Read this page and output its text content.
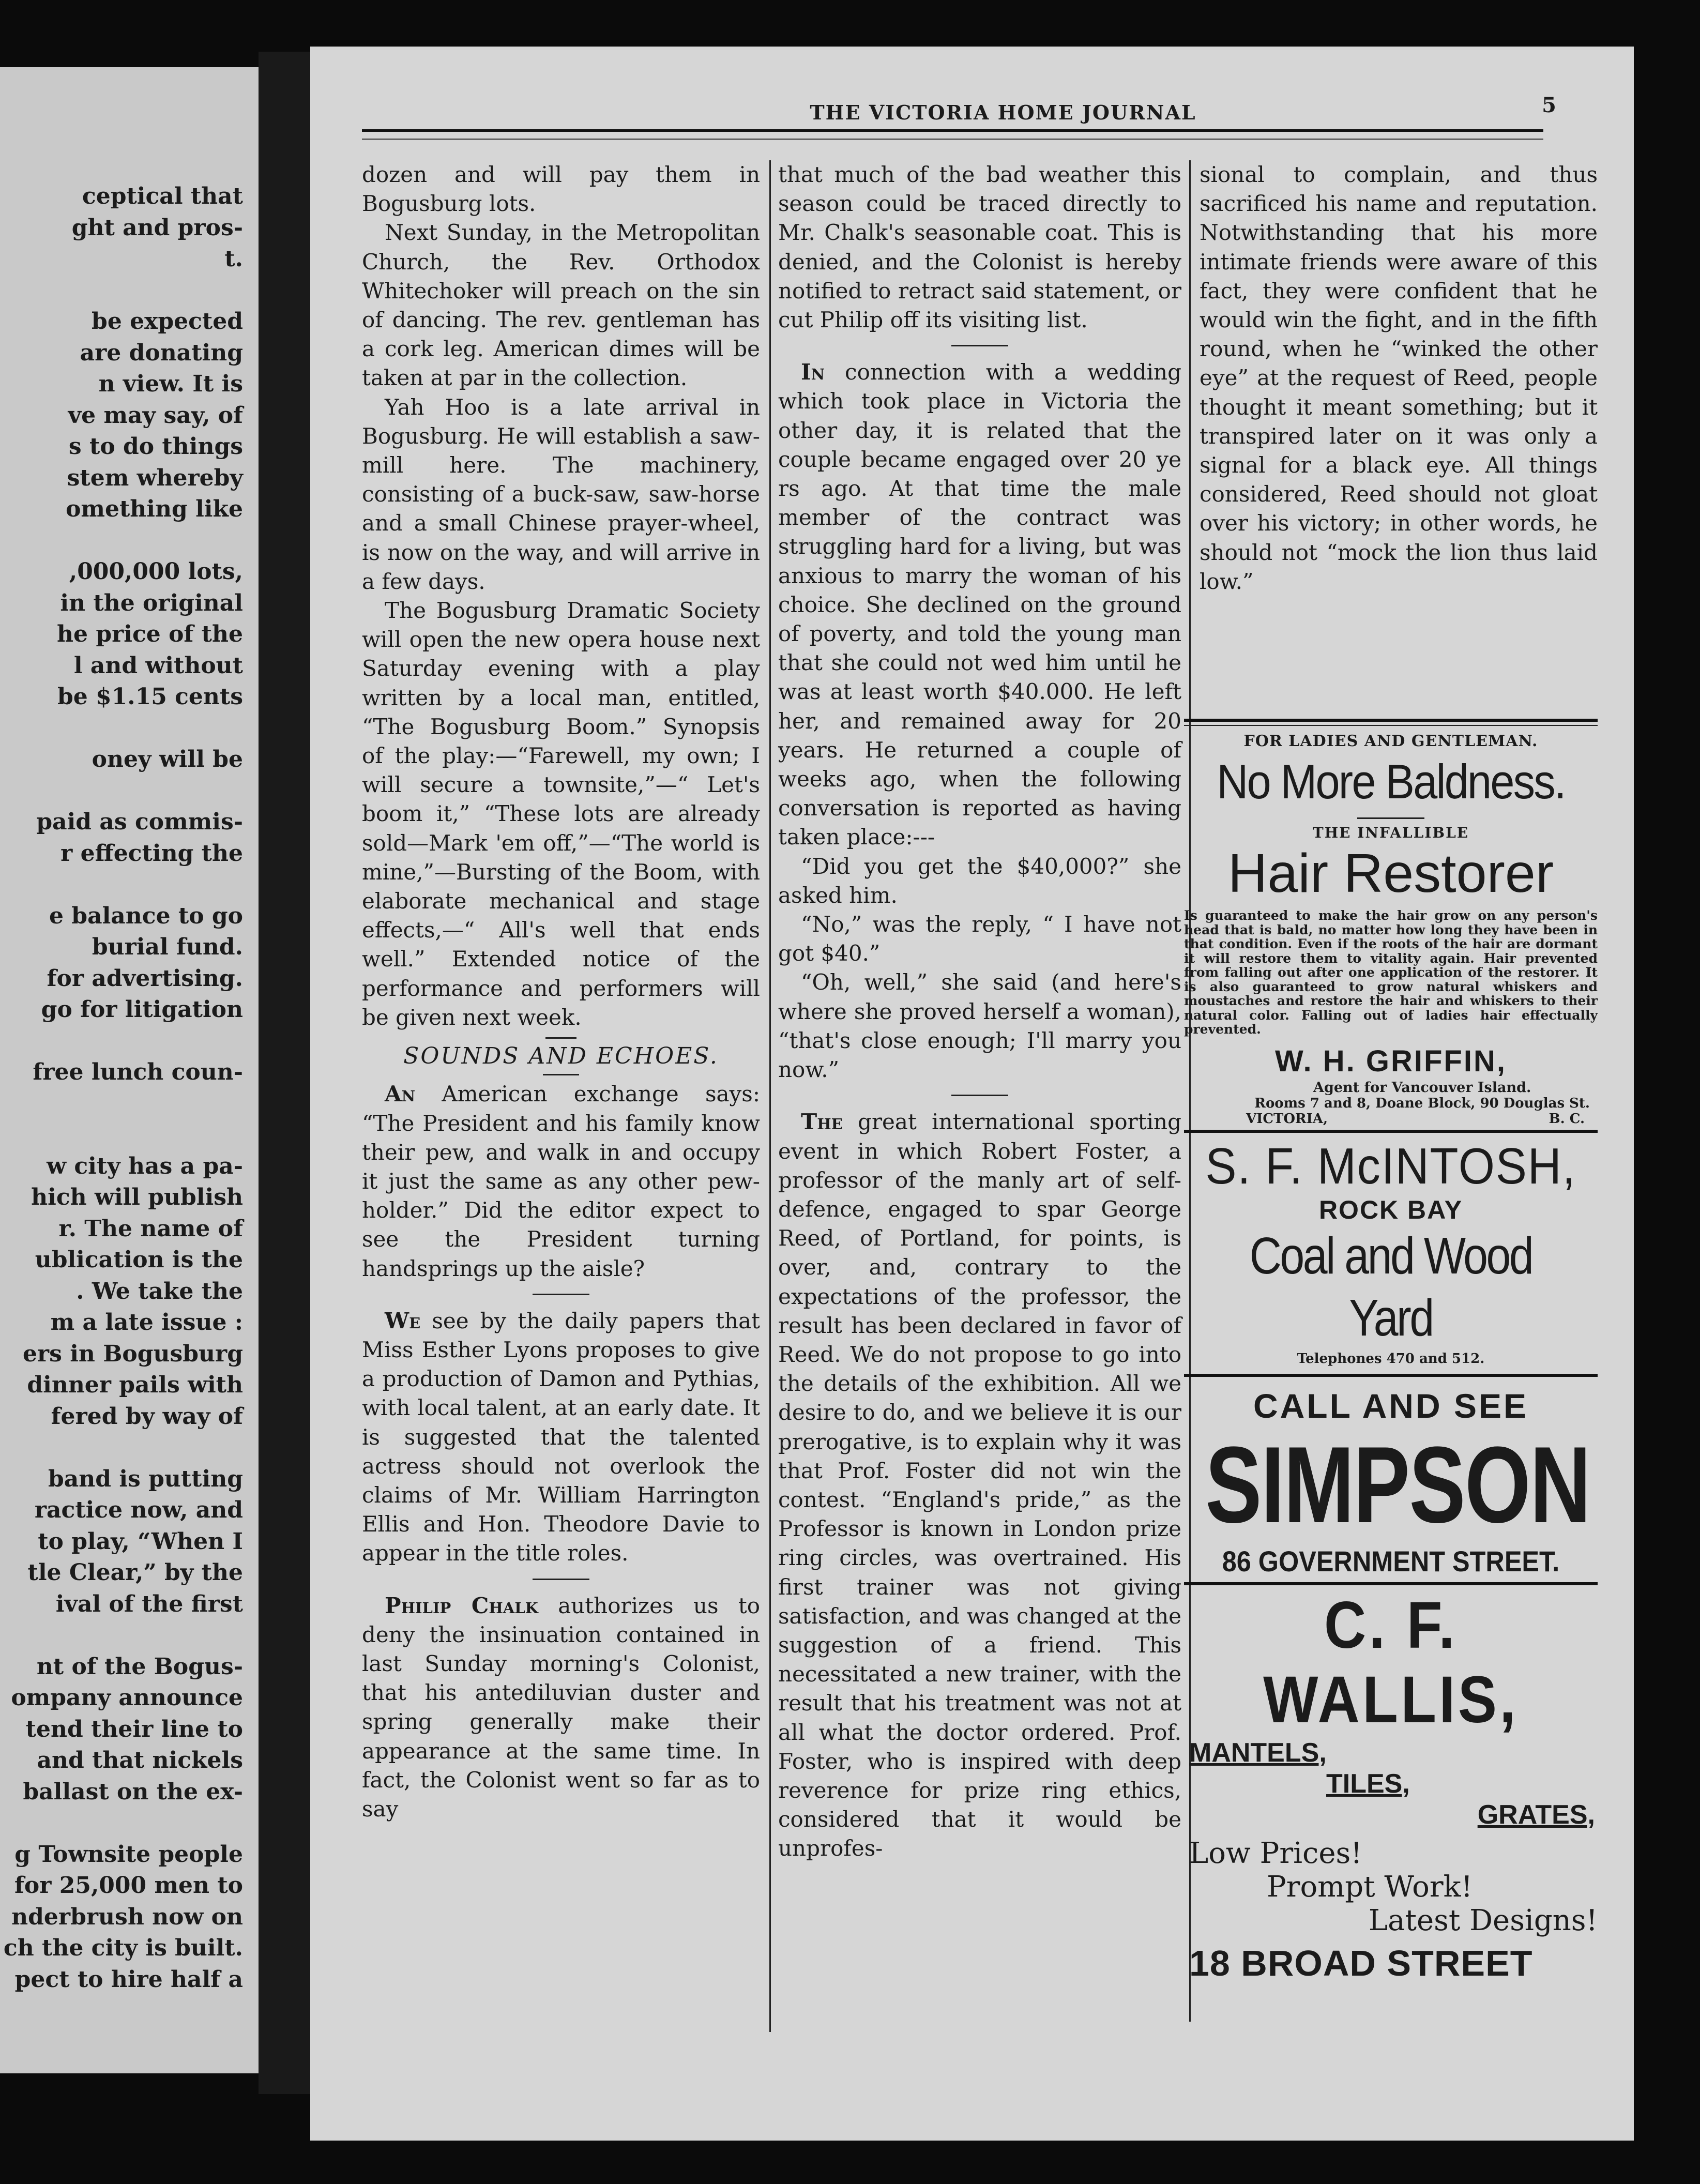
ceptical that
ght and pros-
t.

be expected
are donating
n view. It is
ve may say, of
s to do things
stem whereby
omething like

,000,000 lots,
in the original
he price of the
l and without
be $1.15 cents

oney will be

paid as commis-
r effecting the

e balance to go
burial fund.
for advertising.
go for litigation

free lunch coun-

w city has a pa-
hich will publish
r. The name of
ublication is the
. We take the
m a late issue :
ers in Bogusburg
dinner pails with
fered by way of

band is putting
ractice now, and
to play, “When I
tle Clear,” by the
ival of the first

nt of the Bogus-
ompany announce
tend their line to
and that nickels
ballast on the ex-

g Townsite people
for 25,000 men to
nderbrush now on
ch the city is built.
pect to hire half a
THE VICTORIA HOME JOURNAL	5

dozen and will pay them in Bogusburg lots.

Next Sunday, in the Metropolitan Church, the Rev. Orthodox Whitechoker will preach on the sin of dancing. The rev. gentleman has a cork leg. American dimes will be taken at par in the collection.

Yah Hoo is a late arrival in Bogusburg. He will establish a saw-mill here. The machinery, consisting of a buck-saw, saw-horse and a small Chinese prayer-wheel, is now on the way, and will arrive in a few days.

The Bogusburg Dramatic Society will open the new opera house next Saturday evening with a play written by a local man, entitled, “The Bogusburg Boom.” Synopsis of the play:—“Farewell, my own; I will secure a townsite,”—“ Let's boom it,” “These lots are already sold—Mark 'em off,”—“The world is mine,”—Bursting of the Boom, with elaborate mechanical and stage effects,—“ All's well that ends well.” Extended notice of the performance and performers will be given next week.

SOUNDS AND ECHOES.

An American exchange says: “The President and his family know their pew, and walk in and occupy it just the same as any other pew-holder.” Did the editor expect to see the President turning handsprings up the aisle?

We see by the daily papers that Miss Esther Lyons proposes to give a production of Damon and Pythias, with local talent, at an early date. It is suggested that the talented actress should not overlook the claims of Mr. William Harrington Ellis and Hon. Theodore Davie to appear in the title roles.

Philip Chalk authorizes us to deny the insinuation contained in last Sunday morning's Colonist, that his antediluvian duster and spring generally make their appearance at the same time. In fact, the Colonist went so far as to say

that much of the bad weather this season could be traced directly to Mr. Chalk's seasonable coat. This is denied, and the Colonist is hereby notified to retract said statement, or cut Philip off its visiting list.

In connection with a wedding which took place in Victoria the other day, it is related that the couple became engaged over 20 ye rs ago. At that time the male member of the contract was struggling hard for a living, but was anxious to marry the woman of his choice. She declined on the ground of poverty, and told the young man that she could not wed him until he was at least worth $40.000. He left her, and remained away for 20 years. He returned a couple of weeks ago, when the following conversation is reported as having taken place:---

“Did you get the $40,000?” she asked him.

“No,” was the reply, “ I have not got $40.”

“Oh, well,” she said (and here's where she proved herself a woman), “that's close enough; I'll marry you now.”

The great international sporting event in which Robert Foster, a professor of the manly art of self-defence, engaged to spar George Reed, of Portland, for points, is over, and, contrary to the expectations of the professor, the result has been declared in favor of Reed. We do not propose to go into the details of the exhibition. All we desire to do, and we believe it is our prerogative, is to explain why it was that Prof. Foster did not win the contest. “England's pride,” as the Professor is known in London prize ring circles, was overtrained. His first trainer was not giving satisfaction, and was changed at the suggestion of a friend. This necessitated a new trainer, with the result that his treatment was not at all what the doctor ordered. Prof. Foster, who is inspired with deep reverence for prize ring ethics, considered that it would be unprofes-

sional to complain, and thus sacrificed his name and reputation. Notwithstanding that his more intimate friends were aware of this fact, they were confident that he would win the fight, and in the fifth round, when he “winked the other eye” at the request of Reed, people thought it meant something; but it transpired later on it was only a signal for a black eye. All things considered, Reed should not gloat over his victory; in other words, he should not “mock the lion thus laid low.”

FOR LADIES AND GENTLEMAN.
No More Baldness.
THE INFALLIBLE
Hair Restorer
Is guaranteed to make the hair grow on any person's head that is bald, no matter how long they have been in that condition. Even if the roots of the hair are dormant it will restore them to vitality again. Hair prevented from falling out after one application of the restorer. It is also guaranteed to grow natural whiskers and moustaches and restore the hair and whiskers to their natural color. Falling out of ladies hair effectually prevented.
W. H. GRIFFIN,
Agent for Vancouver Island.
Rooms 7 and 8, Doane Block, 90 Douglas St.
VICTORIA,	B. C.
S. F. McINTOSH,
ROCK BAY
Coal and Wood Yard
Telephones 470 and 512.
CALL AND SEE
SIMPSON
86 GOVERNMENT STREET.
C. F. WALLIS,
MANTELS,
TILES,
GRATES,
Low Prices!
Prompt Work!
Latest Designs!
18 BROAD STREET
